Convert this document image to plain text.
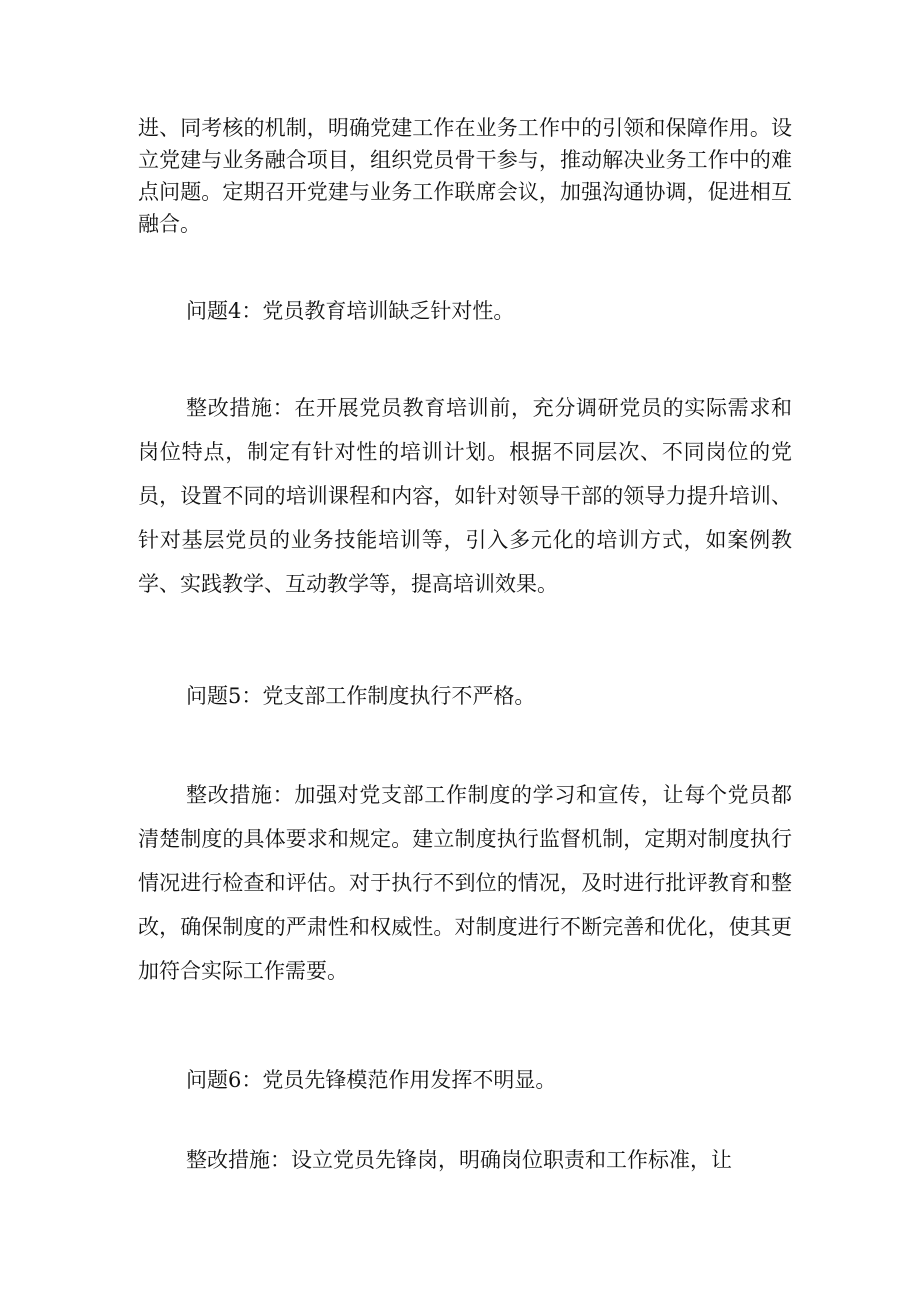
进、同考核的机制，明确党建工作在业务工作中的引领和保障作用。设立党建与业务融合项目，组织党员骨干参与，推动解决业务工作中的难点问题。定期召开党建与业务工作联席会议，加强沟通协调，促进相互融合。

问题4：党员教育培训缺乏针对性。

整改措施：在开展党员教育培训前，充分调研党员的实际需求和岗位特点，制定有针对性的培训计划。根据不同层次、不同岗位的党员，设置不同的培训课程和内容，如针对领导干部的领导力提升培训、针对基层党员的业务技能培训等，引入多元化的培训方式，如案例教学、实践教学、互动教学等，提高培训效果。

问题5：党支部工作制度执行不严格。

整改措施：加强对党支部工作制度的学习和宣传，让每个党员都清楚制度的具体要求和规定。建立制度执行监督机制，定期对制度执行情况进行检查和评估。对于执行不到位的情况，及时进行批评教育和整改，确保制度的严肃性和权威性。对制度进行不断完善和优化，使其更加符合实际工作需要。

问题6：党员先锋模范作用发挥不明显。

整改措施：设立党员先锋岗，明确岗位职责和工作标准，让
